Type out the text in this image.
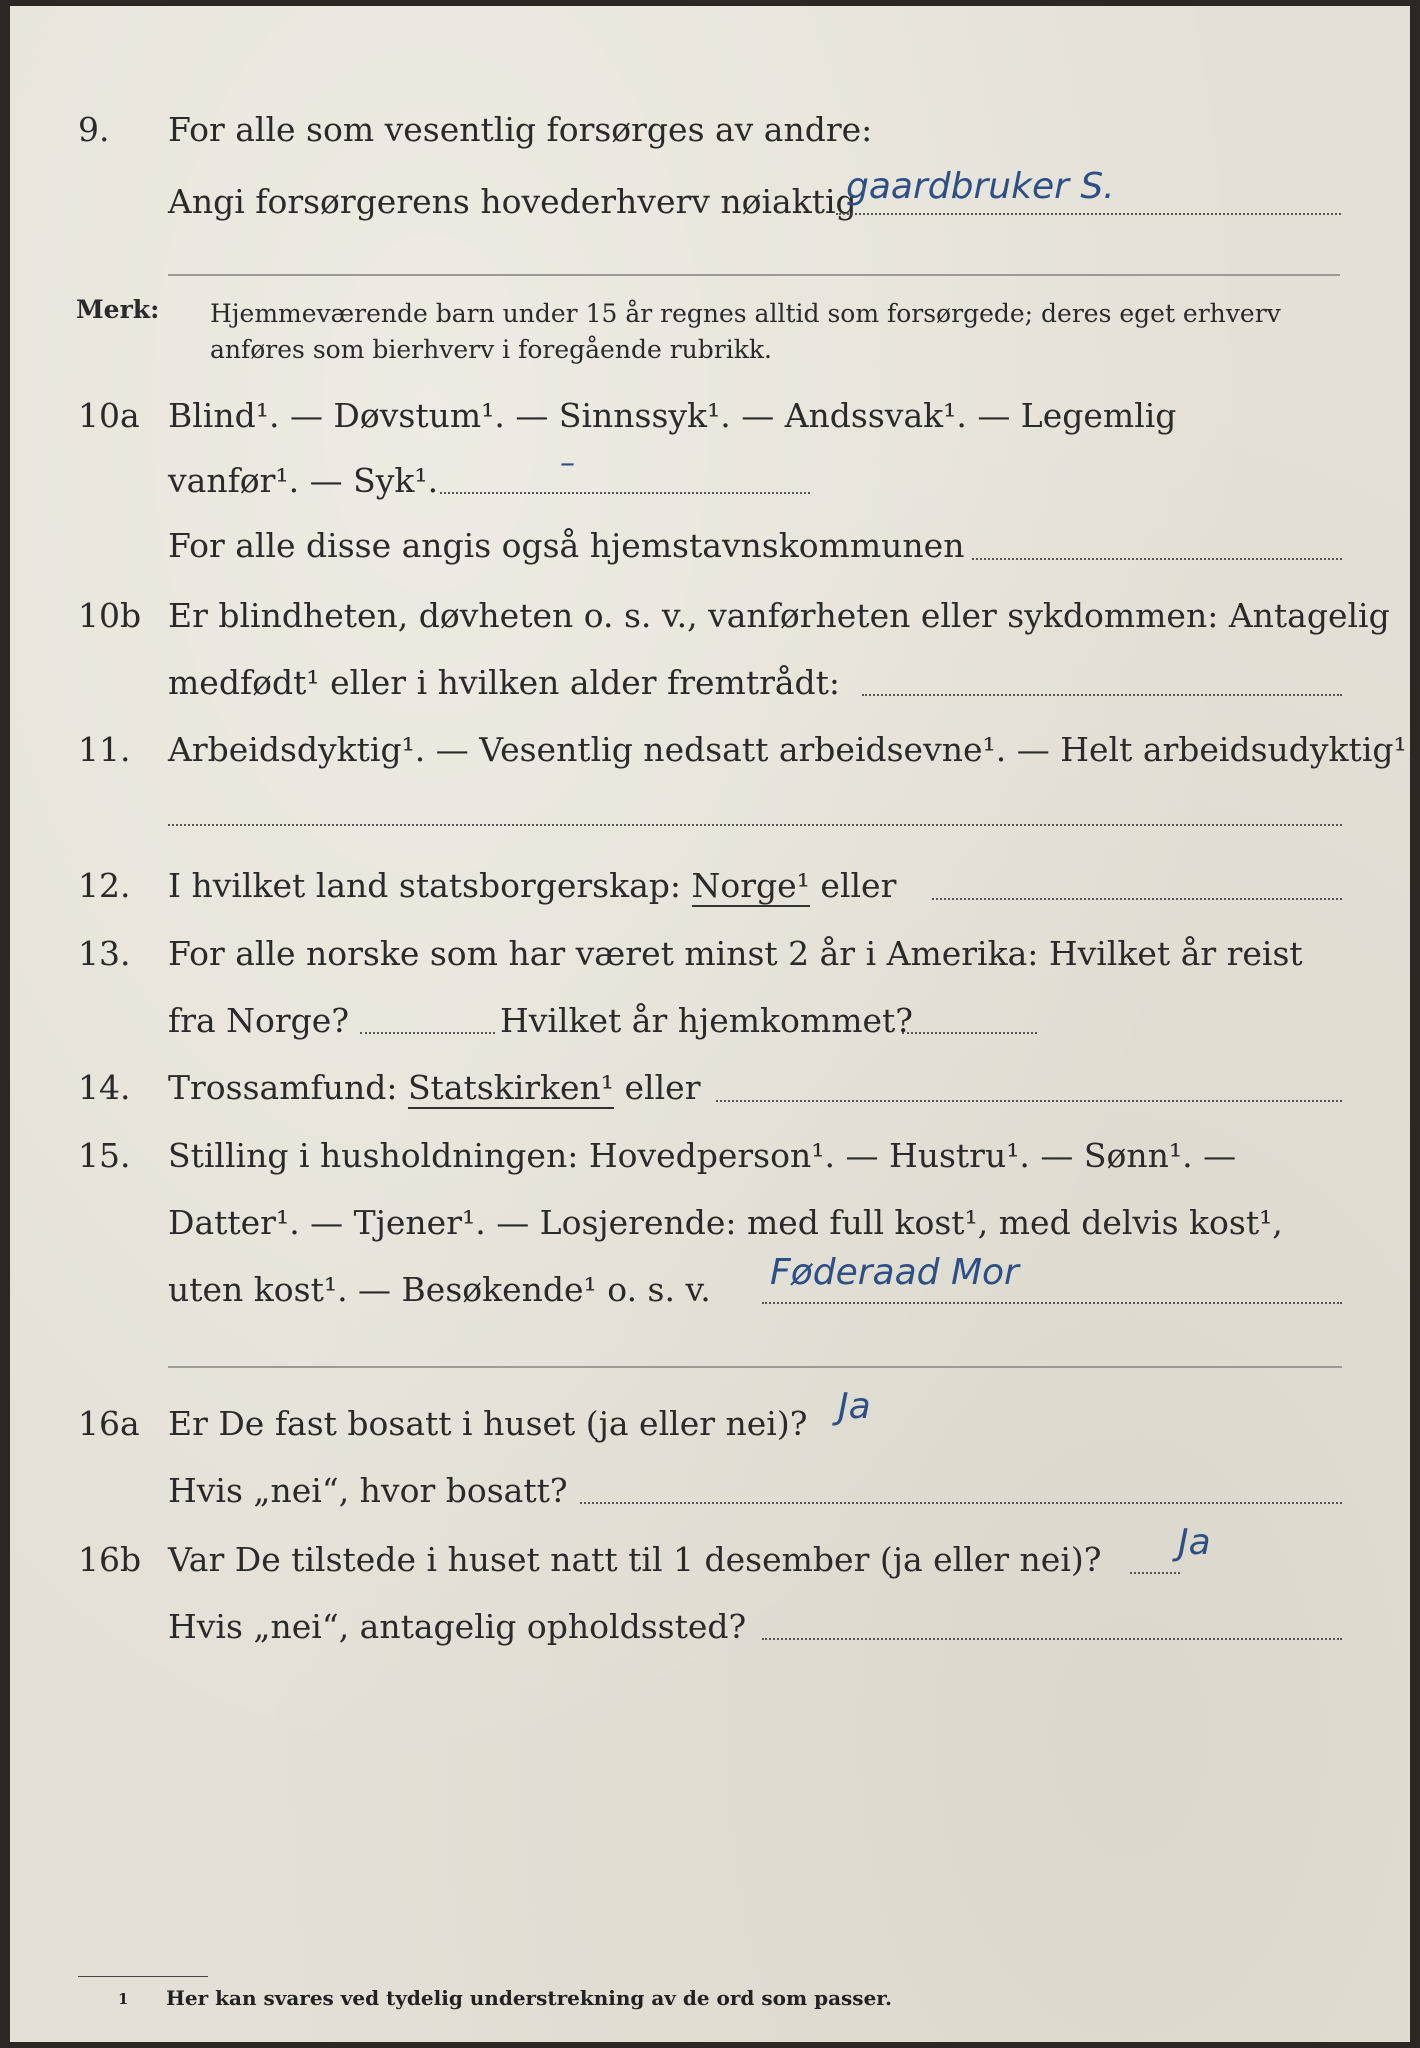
9. For alle som vesentlig forsørges av andre:
Angi forsørgerens hovederhverv nøiaktig
gaardbruker S.
Merk: Hjemmeværende barn under 15 år regnes alltid som forsørgede; deres eget erhverv
anføres som bierhverv i foregående rubrikk.
10a Blind¹. — Døvstum¹. — Sinnssyk¹. — Andssvak¹. — Legemlig
vanfør¹. — Syk¹.	–
For alle disse angis også hjemstavnskommunen
10b Er blindheten, døvheten o. s. v., vanførheten eller sykdommen: Antagelig
medfødt¹ eller i hvilken alder fremtrådt:
11. Arbeidsdyktig¹. — Vesentlig nedsatt arbeidsevne¹. — Helt arbeidsudyktig¹.
12. I hvilket land statsborgerskap: Norge¹ eller
13. For alle norske som har været minst 2 år i Amerika: Hvilket år reist
fra Norge?	Hvilket år hjemkommet?
14. Trossamfund: Statskirken¹ eller
15. Stilling i husholdningen: Hovedperson¹. — Hustru¹. — Sønn¹. —
Datter¹. — Tjener¹. — Losjerende: med full kost¹, med delvis kost¹,
uten kost¹. — Besøkende¹ o. s. v. Føderaad Mor
16a Er De fast bosatt i huset (ja eller nei)? Ja
Hvis „nei“, hvor bosatt?
16b Var De tilstede i huset natt til 1 desember (ja eller nei)? Ja
Hvis „nei“, antagelig opholdssted?
1 Her kan svares ved tydelig understrekning av de ord som passer.
